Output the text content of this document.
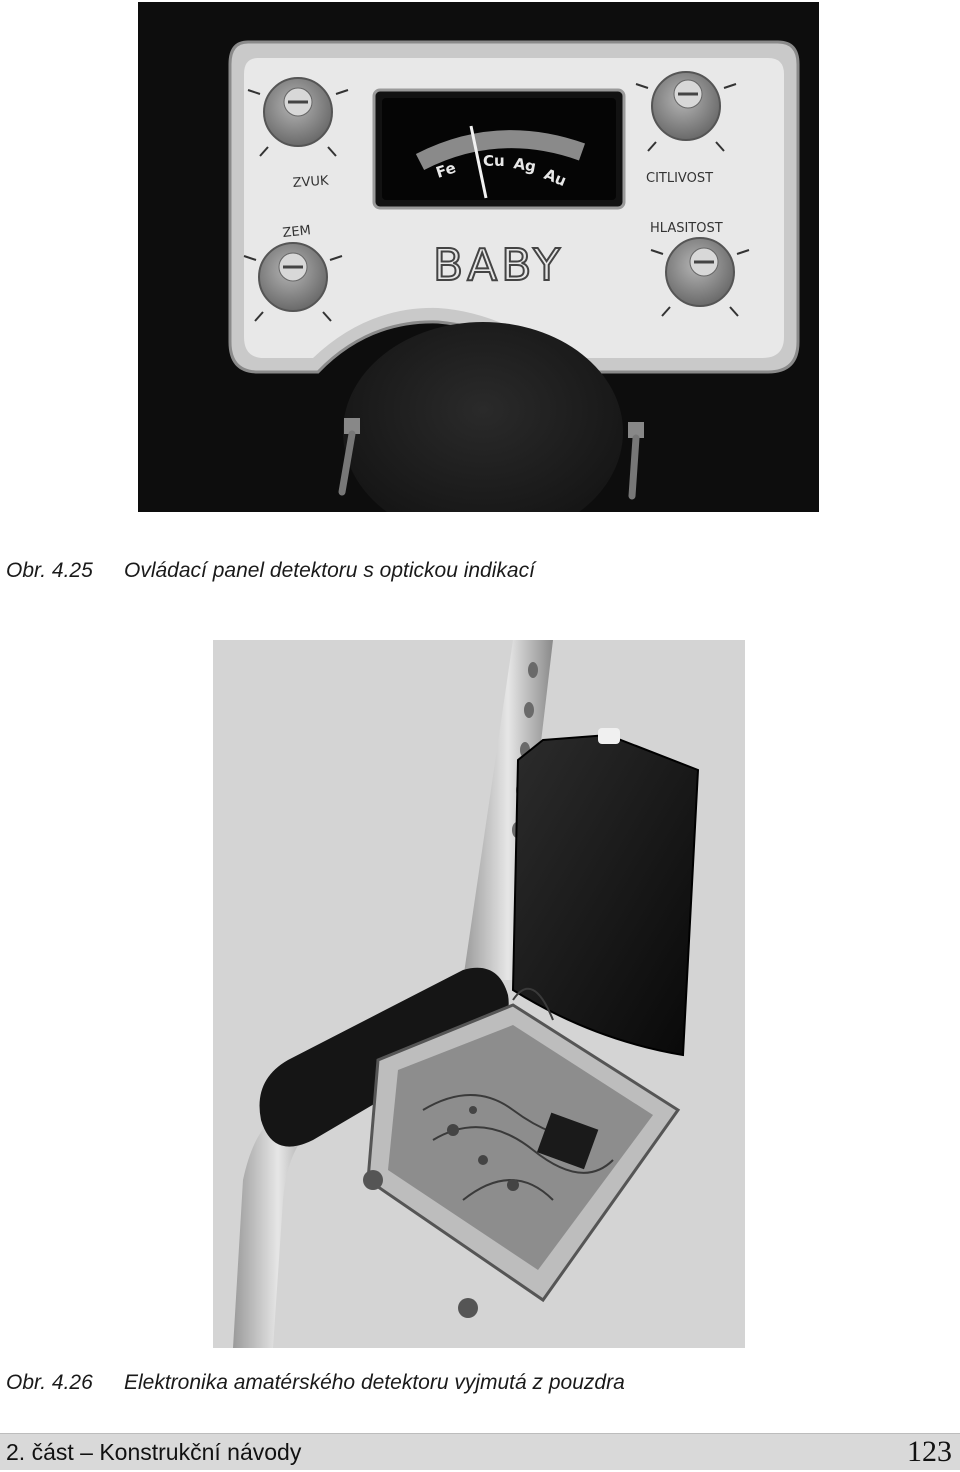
Fe Cu Ag
Au
ZVUK	CITLIVOST
ZEM	HLASITOST
BABY
Obr. 4.25 Ovládací panel detektoru s optickou indikací
Obr. 4.26 Elektronika amatérského detektoru vyjmutá z pouzdra
2. část – Konstrukční návody	123
